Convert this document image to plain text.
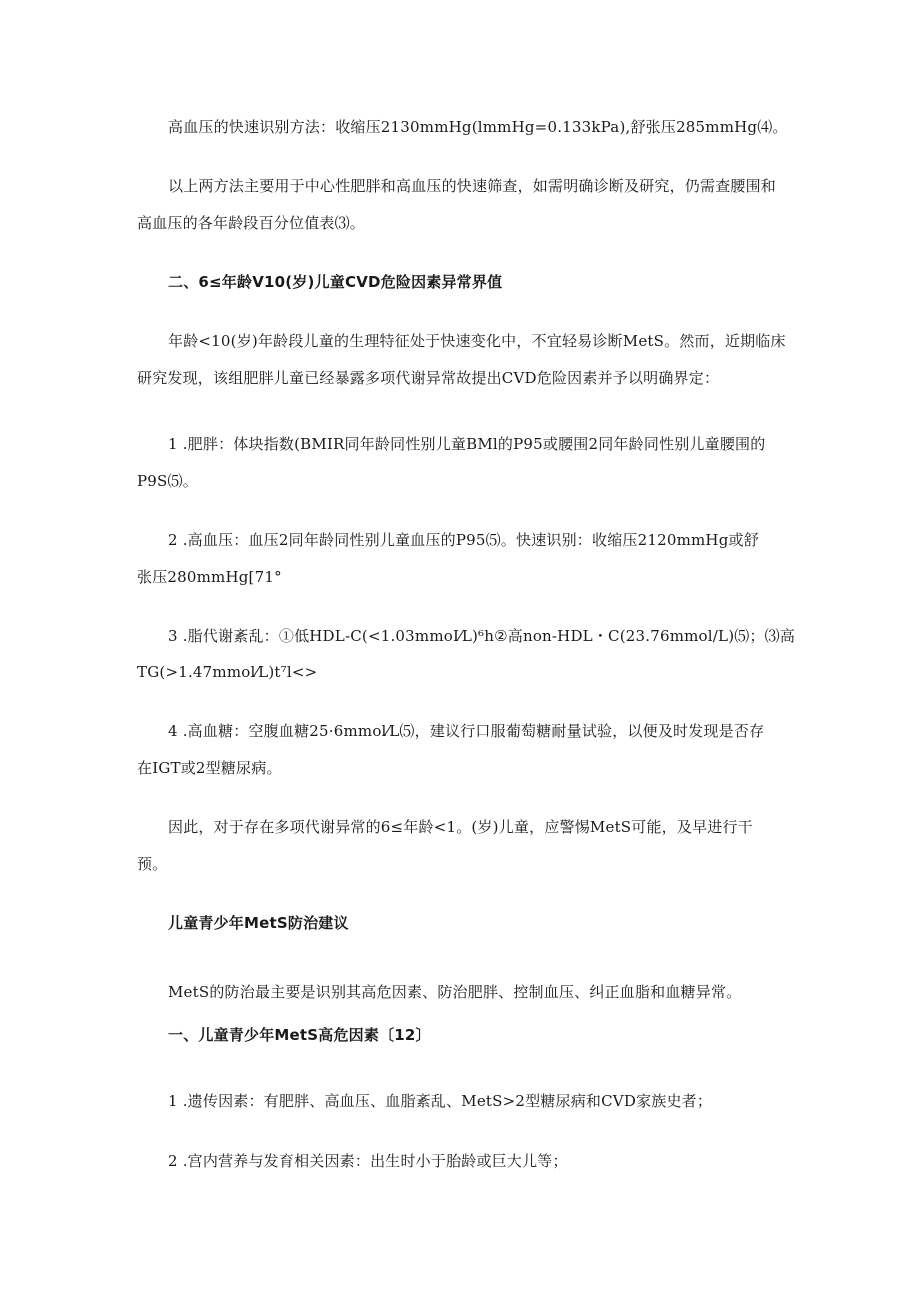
高血压的快速识别方法：收缩压2130mmHg(lmmHg=0.133kPa),舒张压285mmHg⑷。
以上两方法主要用于中心性肥胖和高血压的快速筛查，如需明确诊断及研究，仍需查腰围和
高血压的各年龄段百分位值表⑶。
二、6≤年龄V10(岁)儿童CVD危险因素异常界值
年龄<10(岁)年龄段儿童的生理特征处于快速变化中，不宜轻易诊断MetS。然而，近期临床
研究发现，该组肥胖儿童已经暴露多项代谢异常故提出CVD危险因素并予以明确界定：
1 .肥胖：体块指数(BMIR同年龄同性别儿童BMl的P95或腰围2同年龄同性别儿童腰围的
P9S⑸。
2 .高血压：血压2同年龄同性别儿童血压的P95⑸。快速识别：收缩压2120mmHg或舒
张压280mmHg[71°
3 .脂代谢紊乱：①低HDL-C(<1.03mmoI⁄L)⁶h②高non-HDL・C(23.76mmol/L)⑸；⑶高
TG(>1.47mmol⁄L)t⁷l<>
4 .高血糖：空腹血糖25·6mmol⁄L⑸，建议行口服葡萄糖耐量试验，以便及时发现是否存
在IGT或2型糖尿病。
因此，对于存在多项代谢异常的6≤年龄<1。(岁)儿童，应警惕MetS可能，及早进行干
预。
儿童青少年MetS防治建议
MetS的防治最主要是识别其高危因素、防治肥胖、控制血压、纠正血脂和血糖异常。
一、儿童青少年MetS高危因素〔12〕
1 .遗传因素：有肥胖、高血压、血脂紊乱、MetS>2型糖尿病和CVD家族史者；
2 .宫内营养与发育相关因素：出生时小于胎龄或巨大儿等；
